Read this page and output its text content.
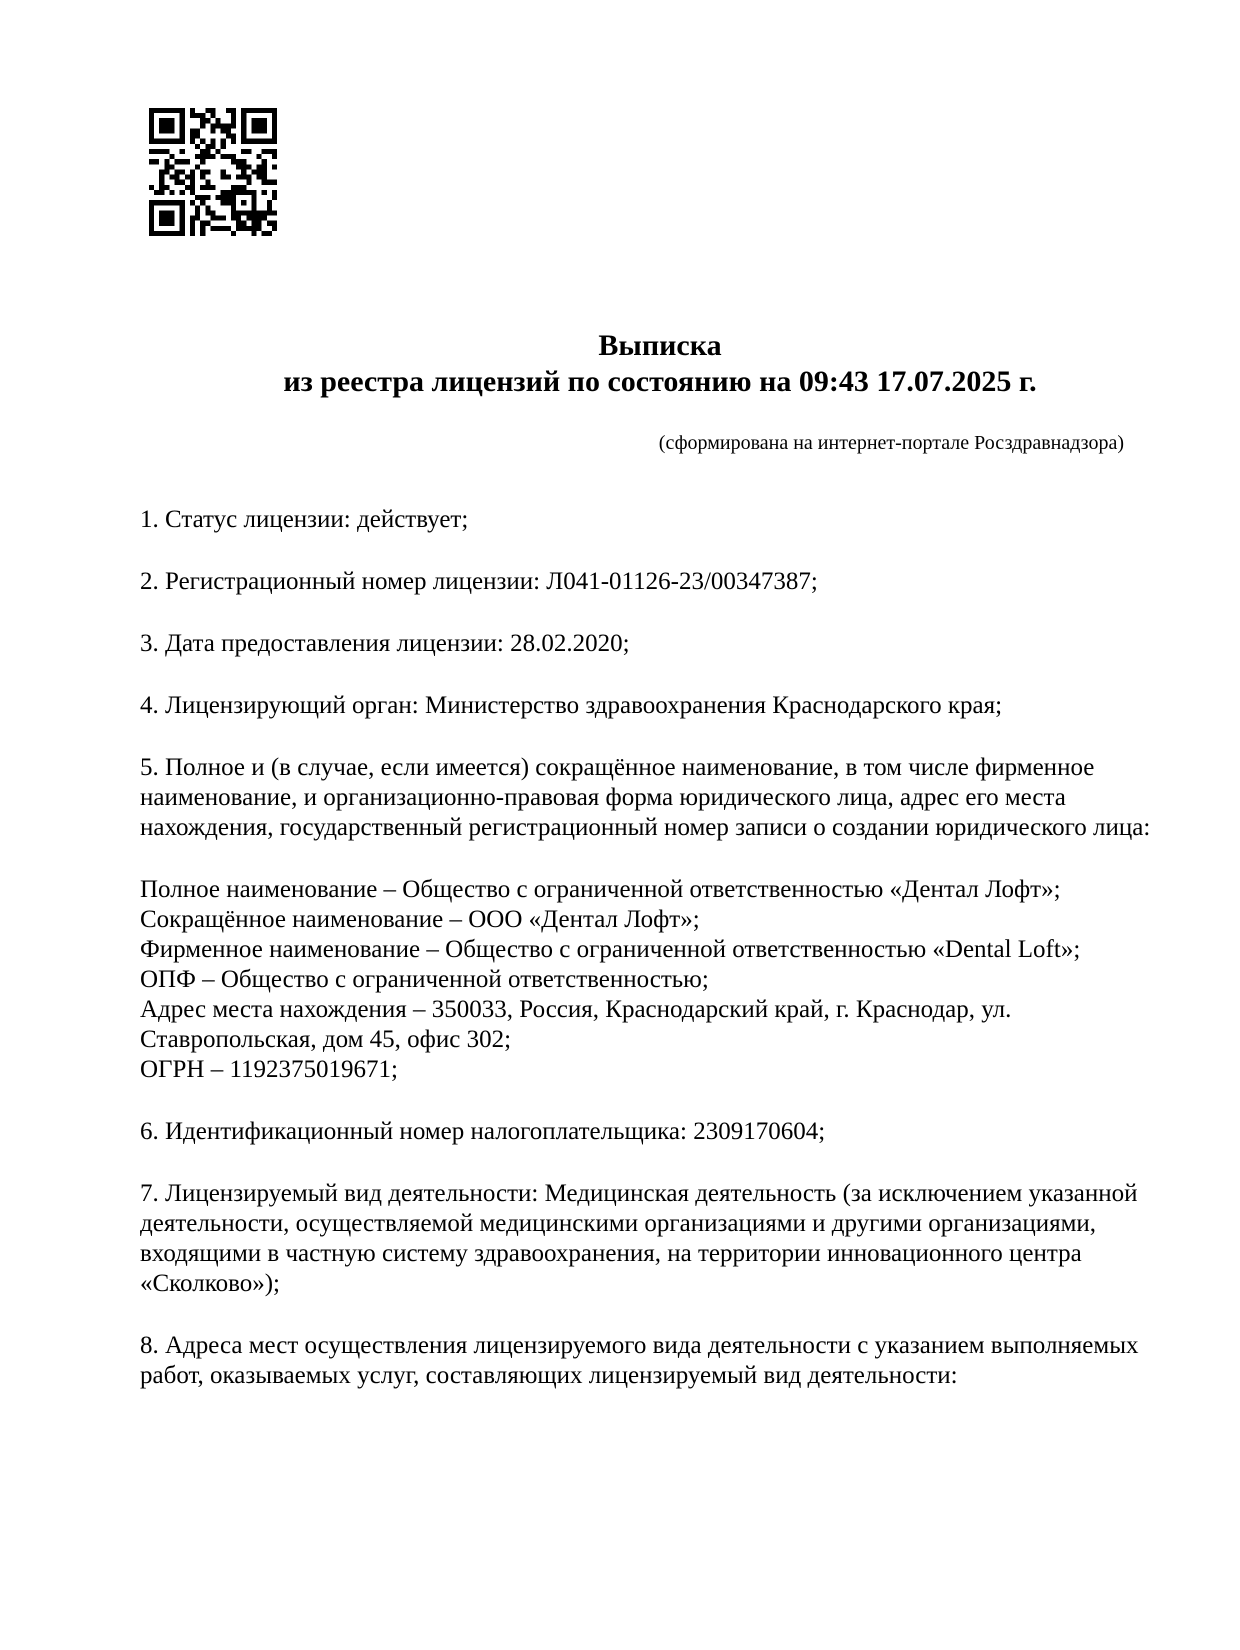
Выписка
из реестра лицензий по состоянию на 09:43 17.07.2025 г.
(сформирована на интернет-портале Росздравнадзора)
1. Статус лицензии: действует;
2. Регистрационный номер лицензии: Л041-01126-23/00347387;
3. Дата предоставления лицензии: 28.02.2020;
4. Лицензирующий орган: Министерство здравоохранения Краснодарского края;
5. Полное и (в случае, если имеется) сокращённое наименование, в том числе фирменное
наименование, и организационно-правовая форма юридического лица, адрес его места
нахождения, государственный регистрационный номер записи о создании юридического лица:
Полное наименование – Общество с ограниченной ответственностью «Дентал Лофт»;
Сокращённое наименование – ООО «Дентал Лофт»;
Фирменное наименование – Общество с ограниченной ответственностью «Dental Loft»;
ОПФ – Общество с ограниченной ответственностью;
Адрес места нахождения – 350033, Россия, Краснодарский край, г. Краснодар, ул.
Ставропольская, дом 45, офис 302;
ОГРН – 1192375019671;
6. Идентификационный номер налогоплательщика: 2309170604;
7. Лицензируемый вид деятельности: Медицинская деятельность (за исключением указанной
деятельности, осуществляемой медицинскими организациями и другими организациями,
входящими в частную систему здравоохранения, на территории инновационного центра
«Сколково»);
8. Адреса мест осуществления лицензируемого вида деятельности с указанием выполняемых
работ, оказываемых услуг, составляющих лицензируемый вид деятельности:
